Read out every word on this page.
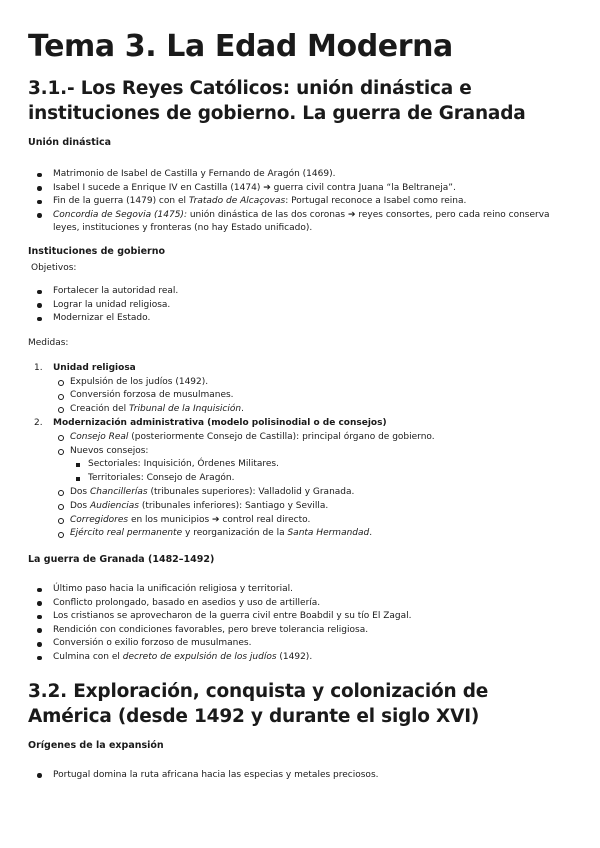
Tema 3. La Edad Moderna
3.1.- Los Reyes Católicos: unión dinástica e instituciones de gobierno. La guerra de Granada
Unión dinástica
Matrimonio de Isabel de Castilla y Fernando de Aragón (1469).
Isabel I sucede a Enrique IV en Castilla (1474) ➔ guerra civil contra Juana “la Beltraneja”.
Fin de la guerra (1479) con el Tratado de Alcaçovas: Portugal reconoce a Isabel como reina.
Concordia de Segovia (1475): unión dinástica de las dos coronas ➔ reyes consortes, pero cada reino conserva leyes, instituciones y fronteras (no hay Estado unificado).
Instituciones de gobierno

Objetivos:

Fortalecer la autoridad real.
Lograr la unidad religiosa.
Modernizar el Estado.

Medidas:

1. Unidad religiosa
Expulsión de los judíos (1492).
Conversión forzosa de musulmanes.
Creación del Tribunal de la Inquisición.
2. Modernización administrativa (modelo polisinodial o de consejos)
Consejo Real (posteriormente Consejo de Castilla): principal órgano de gobierno.
Nuevos consejos:
Sectoriales: Inquisición, Órdenes Militares.
Territoriales: Consejo de Aragón.
Dos Chancillerías (tribunales superiores): Valladolid y Granada.
Dos Audiencias (tribunales inferiores): Santiago y Sevilla.
Corregidores en los municipios ➔ control real directo.
Ejército real permanente y reorganización de la Santa Hermandad.
La guerra de Granada (1482–1492)
Último paso hacia la unificación religiosa y territorial.
Conflicto prolongado, basado en asedios y uso de artillería.
Los cristianos se aprovecharon de la guerra civil entre Boabdil y su tío El Zagal.
Rendición con condiciones favorables, pero breve tolerancia religiosa.
Conversión o exilio forzoso de musulmanes.
Culmina con el decreto de expulsión de los judíos (1492).
3.2. Exploración, conquista y colonización de América (desde 1492 y durante el siglo XVI)
Orígenes de la expansión
Portugal domina la ruta africana hacia las especias y metales preciosos.
